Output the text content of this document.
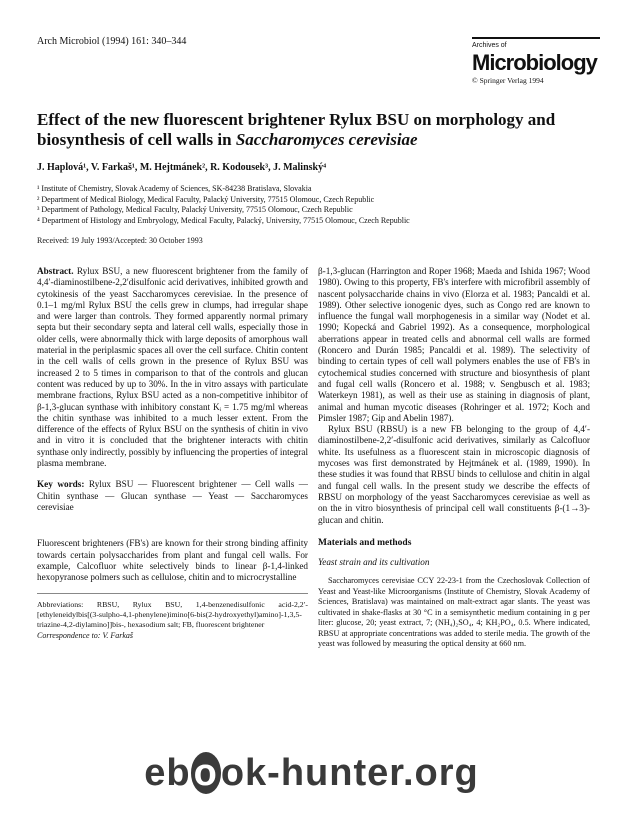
Arch Microbiol (1994) 161: 340–344	Archives of
Microbiology
© Springer Verlag 1994
Effect of the new fluorescent brightener Rylux BSU on morphology and biosynthesis of cell walls in Saccharomyces cerevisiae
J. Haplová¹, V. Farkaš¹, M. Hejtmánek², R. Kodousek³, J. Malinský⁴
¹ Institute of Chemistry, Slovak Academy of Sciences, SK-84238 Bratislava, Slovakia
² Department of Medical Biology, Medical Faculty, Palacký University, 77515 Olomouc, Czech Republic
³ Department of Pathology, Medical Faculty, Palacký University, 77515 Olomouc, Czech Republic
⁴ Department of Histology and Embryology, Medical Faculty, Palacký, University, 77515 Olomouc, Czech Republic
Received: 19 July 1993/Accepted: 30 October 1993

Abstract. Rylux BSU, a new fluorescent brightener from the family of 4,4′-diaminostilbene-2,2′disulfonic acid derivatives, inhibited growth and cytokinesis of the yeast Saccharomyces cerevisiae. In the presence of 0.1–1 mg/ml Rylux BSU the cells grew in clumps, had irregular shape and were larger than controls. They formed apparently normal primary septa but their secondary septa and lateral cell walls, especially those in older cells, were abnormally thick with large deposits of amorphous wall material in the periplasmic spaces all over the cell surface. Chitin content in the cell walls of cells grown in the presence of Rylux BSU was increased 2 to 5 times in comparison to that of the controls and glucan content was reduced by up to 30%. In the in vitro assays with particulate membrane fractions, Rylux BSU acted as a non-competitive inhibitor of β-1,3-glucan synthase with inhibitory constant Kᵢ = 1.75 mg/ml whereas the chitin synthase was inhibited to a much lesser extent. From the difference of the effects of Rylux BSU on the synthesis of chitin in vivo and in vitro it is concluded that the brightener interacts with chitin synthase only indirectly, possibly by influencing the properties of integral plasma membrane.

Key words: Rylux BSU — Fluorescent brightener — Cell walls — Chitin synthase — Glucan synthase — Yeast — Saccharomyces cerevisiae

Fluorescent brighteners (FB's) are known for their strong binding affinity towards certain polysaccharides from plant and fungal cell walls. For example, Calcofluor white selectively binds to linear β-1,4-linked hexopyranose polmers such as cellulose, chitin and to microcrystalline

Abbreviations: RBSU, Rylux BSU, 1,4-benzenedisulfonic acid-2,2′-[ethyleneidylbis[(3-sulpho-4,1-phenylene)imino[6-bis(2-hydroxyethyl)amino]-1,3,5-triazine-4,2-diylamino]]bis-, hexasodium salt; FB, fluorescent brightener

Correspondence to: V. Farkaš

β-1,3-glucan (Harrington and Roper 1968; Maeda and Ishida 1967; Wood 1980). Owing to this property, FB's interfere with microfibril assembly of nascent polysaccharide chains in vivo (Elorza et al. 1983; Pancaldi et al. 1989). Other selective ionogenic dyes, such as Congo red are known to influence the fungal wall morphogenesis in a similar way (Nodet et al. 1990; Kopecká and Gabriel 1992). As a consequence, morphological aberrations appear in treated cells and abnormal cell walls are formed (Roncero and Durán 1985; Pancaldi et al. 1989). The selectivity of binding to certain types of cell wall polymers enables the use of FB's in cytochemical studies concerned with structure and biosynthesis of plant and fugal cell walls (Roncero et al. 1988; v. Sengbusch et al. 1983; Waterkeyn 1981), as well as their use as staining in diagnosis of plant, animal and human mycotic diseases (Rohringer et al. 1972; Koch and Pimsler 1987; Gip and Abelin 1987).

Rylux BSU (RBSU) is a new FB belonging to the group of 4,4′-diaminostilbene-2,2′-disulfonic acid derivatives, similarly as Calcofluor white. Its usefulness as a fluorescent stain in microscopic diagnosis of mycoses was first demonstrated by Hejtmánek et al. (1989, 1990). In these studies it was found that RBSU binds to cellulose and chitin in algal and fungal cell walls. In the present study we describe the effects of RBSU on morphology of the yeast Saccharomyces cerevisiae as well as on the in vitro biosynthesis of principal cell wall constituents β-(1→3)-glucan and chitin.

Materials and methods
Yeast strain and its cultivation

Saccharomyces cerevisiae CCY 22-23-1 from the Czechoslovak Collection of Yeast and Yeast-like Microorganisms (Institute of Chemistry, Slovak Academy of Sciences, Bratislava) was maintained on malt-extract agar slants. The yeast was cultivated in shake-flasks at 30 °C in a semisynthetic medium containing in g per liter: glucose, 20; yeast extract, 7; (NH₄)₂SO₄, 4; KH₂PO₄, 0.5. Where indicated, RBSU at appropriate concentrations was added to sterile media. The growth of the yeast was followed by measuring the optical density at 660 nm.

ebook-hunter.org
